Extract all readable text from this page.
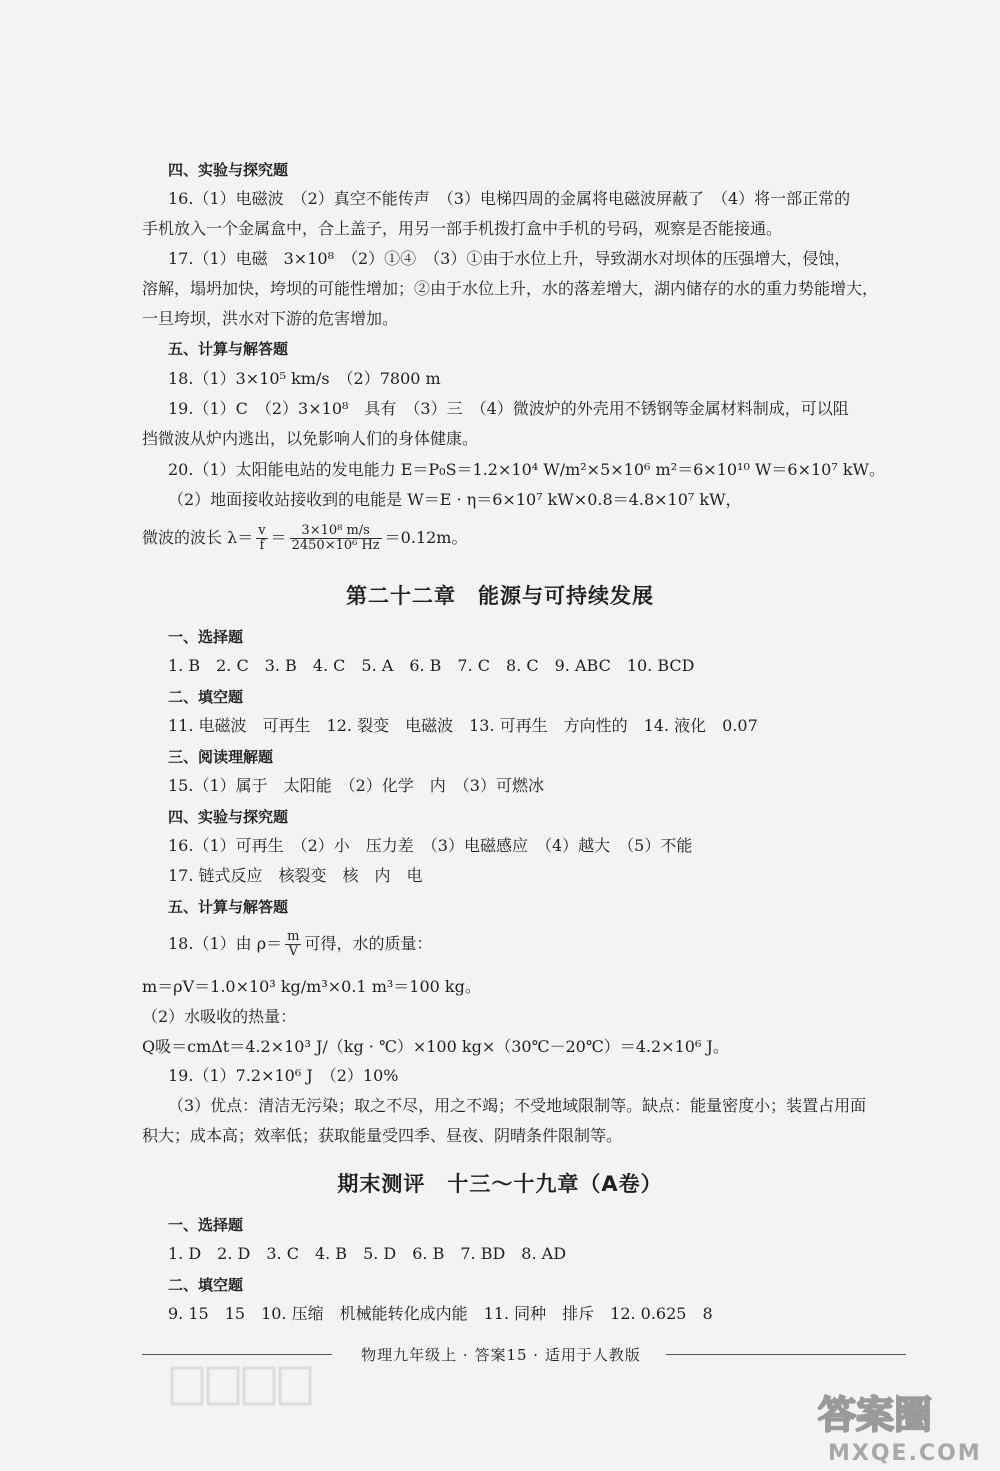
四、实验与探究题
16.（1）电磁波　（2）真空不能传声　（3）电梯四周的金属将电磁波屏蔽了　（4）将一部正常的
手机放入一个金属盒中，合上盖子，用另一部手机拨打盒中手机的号码，观察是否能接通。
17.（1）电磁　3×10⁸　（2）①④　（3）①由于水位上升，导致湖水对坝体的压强增大，侵蚀，
溶解，塌坍加快，垮坝的可能性增加；②由于水位上升，水的落差增大，湖内储存的水的重力势能增大，
一旦垮坝，洪水对下游的危害增加。
五、计算与解答题
18.（1）3×10⁵ km/s　（2）7800 m
19.（1）C　（2）3×10⁸　具有　（3）三　（4）微波炉的外壳用不锈钢等金属材料制成，可以阻
挡微波从炉内逃出，以免影响人们的身体健康。
20.（1）太阳能电站的发电能力 E＝P₀S＝1.2×10⁴ W/m²×5×10⁶ m²＝6×10¹⁰ W＝6×10⁷ kW。
（2）地面接收站接收到的电能是 W＝E · η＝6×10⁷ kW×0.8＝4.8×10⁷ kW，
微波的波长 $\lambda= \frac{v}{f} = \frac{\text{3×10⁸ m/s}}{\text{2450×10⁶ Hz}} =0.12m$。
第二十二章　能源与可持续发展
一、选择题
1. B　2. C　3. B　4. C　5. A　6. B　7. C　8. C　9. ABC　10. BCD
二、填空题
11. 电磁波　可再生　12. 裂变　电磁波　13. 可再生　方向性的　14. 液化　0.07
三、阅读理解题
15.（1）属于　太阳能　（2）化学　内　（3）可燃冰
四、实验与探究题
16.（1）可再生　（2）小　压力差　（3）电磁感应　（4）越大　（5）不能
17. 链式反应　核裂变　核　内　电
五、计算与解答题
18.（1）由 $\rho= \frac{m}{V}$ 可得，水的质量：
m＝ρV＝1.0×10³ kg/m³×0.1 m³＝100 kg。
（2）水吸收的热量：
Q吸＝cmΔt＝4.2×10³ J/（kg · ℃）×100 kg×（30℃－20℃）＝4.2×10⁶ J。
19.（1）7.2×10⁶ J　（2）10%
（3）优点：清洁无污染；取之不尽，用之不竭；不受地域限制等。缺点：能量密度小；装置占用面
积大；成本高；效率低；获取能量受四季、昼夜、阴晴条件限制等。
期末测评　十三～十九章（A卷）
一、选择题
1. D　2. D　3. C　4. B　5. D　6. B　7. BD　8. AD
二、填空题
9. 15　15　10. 压缩　机械能转化成内能　11. 同种　排斥　12. 0.625　8
物理九年级上 · 答案15 · 适用于人教版
答案圈
MXQE.COM
